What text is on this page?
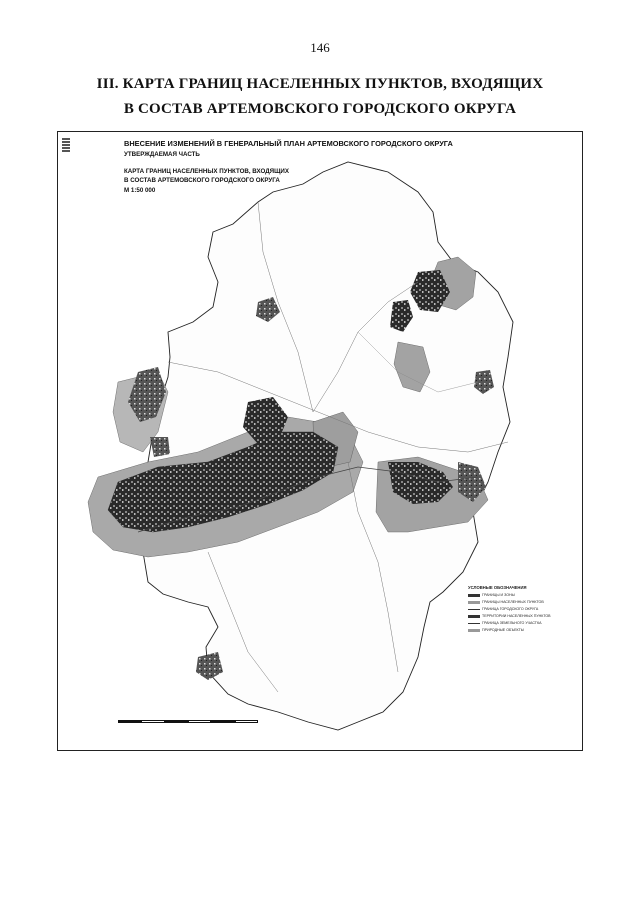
146
III. КАРТА ГРАНИЦ НАСЕЛЕННЫХ ПУНКТОВ, ВХОДЯЩИХ
В СОСТАВ АРТЕМОВСКОГО ГОРОДСКОГО ОКРУГА
ВНЕСЕНИЕ ИЗМЕНЕНИЙ В ГЕНЕРАЛЬНЫЙ ПЛАН АРТЕМОВСКОГО ГОРОДСКОГО ОКРУГА
УТВЕРЖДАЕМАЯ ЧАСТЬ
КАРТА ГРАНИЦ НАСЕЛЕННЫХ ПУНКТОВ, ВХОДЯЩИХ
В СОСТАВ АРТЕМОВСКОГО ГОРОДСКОГО ОКРУГА
М 1:50 000
УСЛОВНЫЕ ОБОЗНАЧЕНИЯ
ГРАНИЦЫ И ЗОНЫ
ГРАНИЦЫ НАСЕЛЕННЫХ ПУНКТОВ
ГРАНИЦА ГОРОДСКОГО ОКРУГА
ТЕРРИТОРИИ НАСЕЛЕННЫХ ПУНКТОВ
ГРАНИЦА ЗЕМЕЛЬНОГО УЧАСТКА
ПРИРОДНЫЕ ОБЪЕКТЫ
